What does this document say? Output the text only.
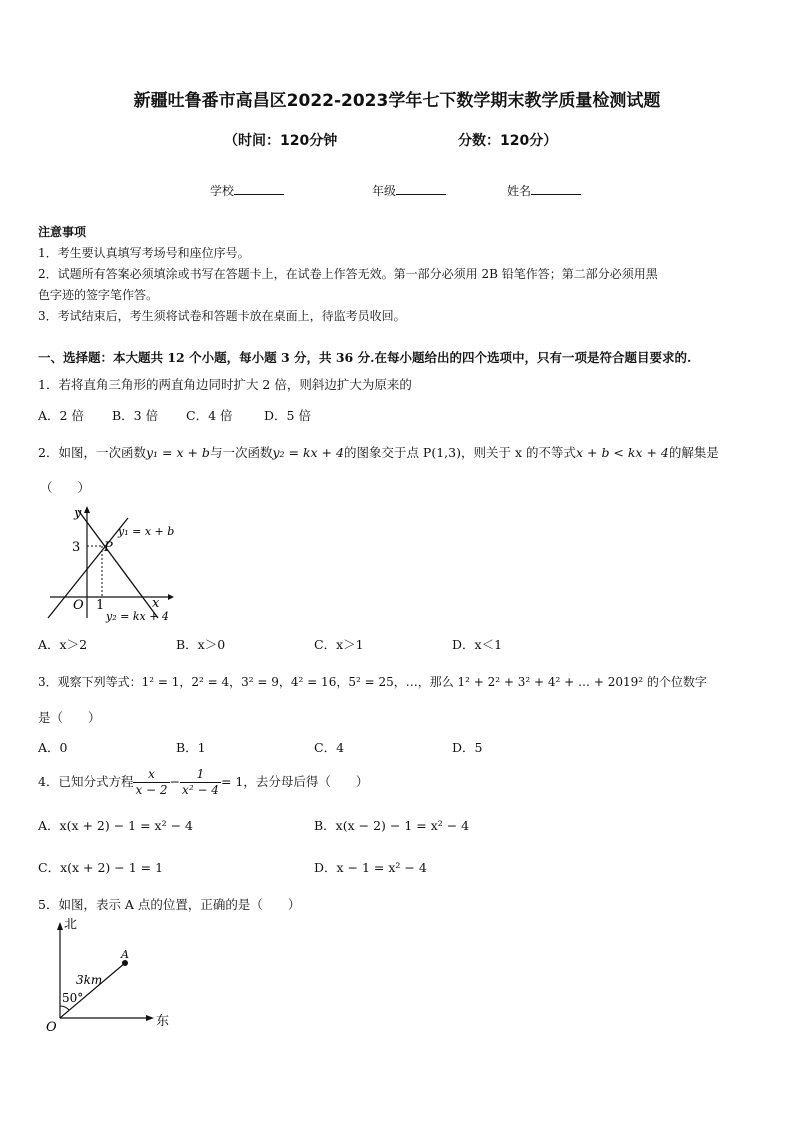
新疆吐鲁番市高昌区2022-2023学年七下数学期末教学质量检测试题
（时间：120分钟	分数：120分）
学校	年级	姓名
注意事项
1．考生要认真填写考场号和座位序号。
2．试题所有答案必须填涂或书写在答题卡上，在试卷上作答无效。第一部分必须用 2B 铅笔作答；第二部分必须用黑
色字迹的签字笔作答。
3．考试结束后，考生须将试卷和答题卡放在桌面上，待监考员收回。
一、选择题：本大题共 12 个小题，每小题 3 分，共 36 分.在每小题给出的四个选项中，只有一项是符合题目要求的.
1．若将直角三角形的两直角边同时扩大 2 倍，则斜边扩大为原来的
A．2 倍 B．3 倍 C．4 倍	D．5 倍
2．如图，一次函数y₁ = x + b与一次函数y₂ = kx + 4的图象交于点 P(1,3)，则关于 x 的不等式x + b < kx + 4的解集是
（　　）
y
x
O 1
3 P
y₁ = x + b
y₂ = kx + 4
A．x＞2	B．x＞0	C．x＞1	D．x＜1
3．观察下列等式：1² = 1，2² = 4，3² = 9，4² = 16，5² = 25，…，那么 1² + 2² + 3² + 4² + … + 2019² 的个位数字
是（　　）
A．0	B．1	C．4	D．5
4．已知分式方程 $\frac{x}{x - 2} - \frac{1}{\text{x² − 4}} = 1$，去分母后得（　　）
A．x(x + 2) − 1 = x² − 4	B．x(x − 2) − 1 = x² − 4
C．x(x + 2) − 1 = 1	D．x − 1 = x² − 4
5．如图，表示 A 点的位置，正确的是（　　）
北
东
O
A
3km
50°
